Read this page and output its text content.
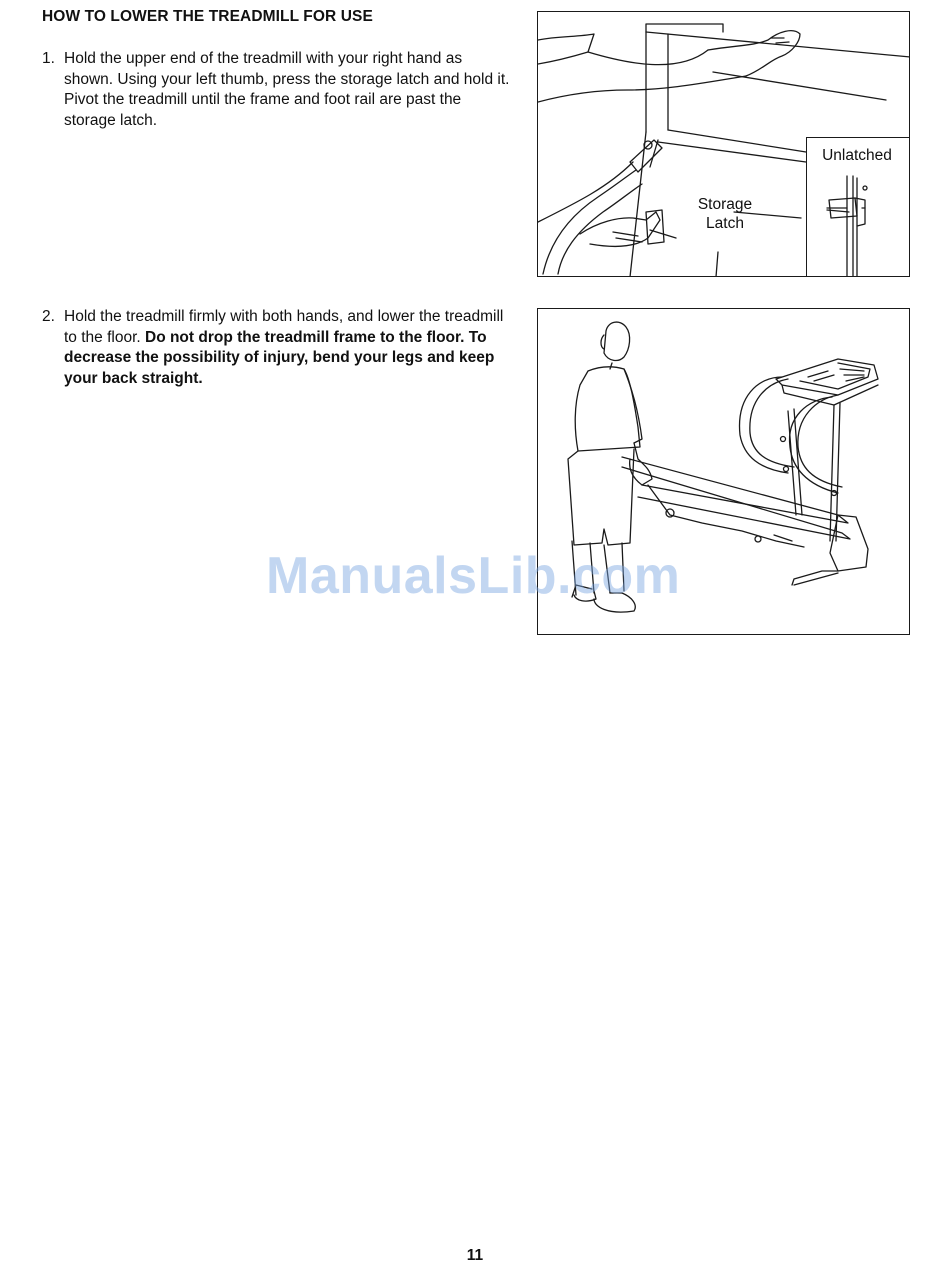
HOW TO LOWER THE TREADMILL FOR USE
1. Hold the upper end of the treadmill with your right hand as shown. Using your left thumb, press the storage latch and hold it. Pivot the treadmill until the frame and foot rail are past the storage latch.
2. Hold the treadmill firmly with both hands, and lower the treadmill to the floor. Do not drop the treadmill frame to the floor. To decrease the possibility of injury, bend your legs and keep your back straight.
Storage
Latch
Unlatched
ManualsLib.com
11
